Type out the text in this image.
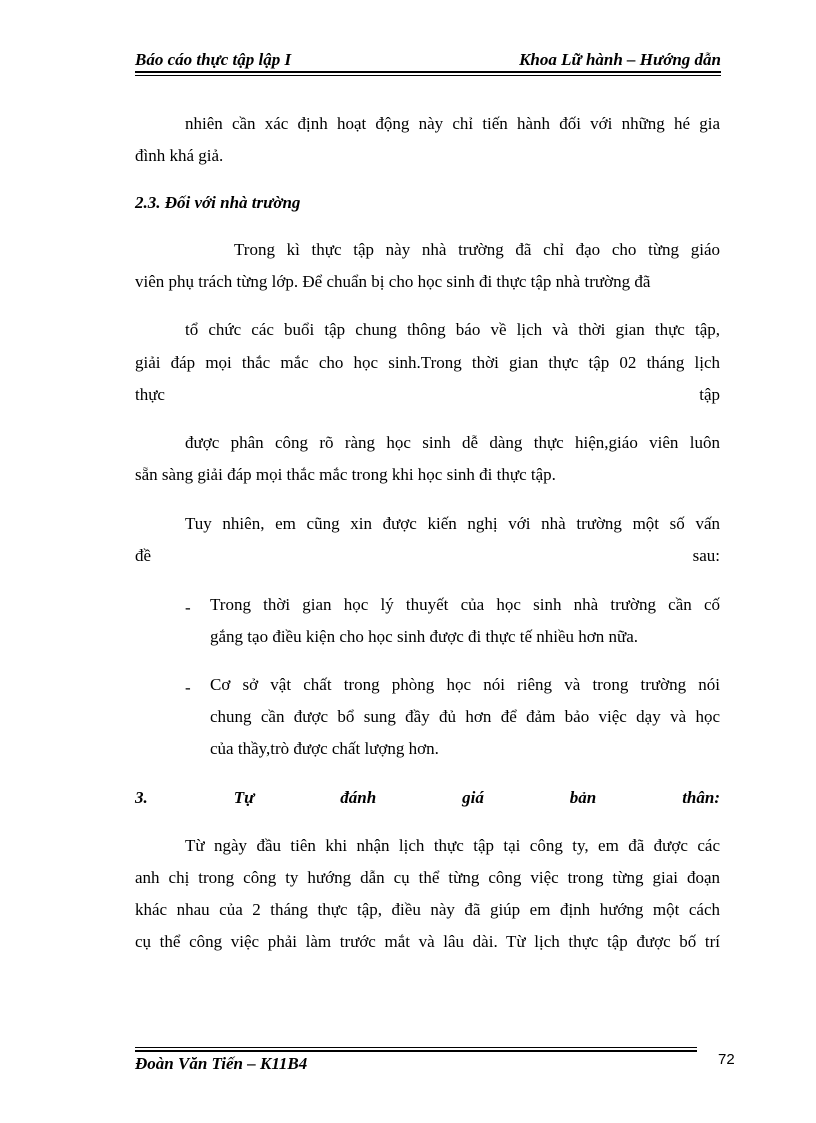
Báo cáo thực tập lập I	Khoa Lữ hành – Hướng dẫn
nhiên cần xác định hoạt động này chỉ tiến hành đối với những hé gia
đình khá giả.
2.3. Đối với nhà trường
Trong kì thực tập này nhà trường đã chỉ đạo cho từng giáo
viên phụ trách từng lớp. Để chuẩn bị cho học sinh đi thực tập nhà trường đã
tổ chức các buổi tập chung thông báo về lịch và thời gian thực tập,
giải đáp mọi thắc mắc cho học sinh.Trong thời gian thực tập 02 tháng lịch
thực tập
được phân công rõ ràng học sinh dễ dàng thực hiện,giáo viên luôn
sẵn sàng giải đáp mọi thắc mắc trong khi học sinh đi thực tập.
Tuy nhiên, em cũng xin được kiến nghị với nhà trường một số vấn
đề sau:
- Trong thời gian học lý thuyết của học sinh nhà trường cần cố
gắng tạo điều kiện cho học sinh được đi thực tế nhiều hơn nữa.
- Cơ sở vật chất trong phòng học nói riêng và trong trường nói
chung cần được bổ sung đầy đủ hơn để đảm bảo việc dạy và học
của thầy,trò được chất lượng hơn.
3. Tự đánh giá bản thân:
Từ ngày đầu tiên khi nhận lịch thực tập tại công ty, em đã được các
anh chị trong công ty hướng dẫn cụ thể từng công việc trong từng giai đoạn
khác nhau của 2 tháng thực tập, điều này đã giúp em định hướng một cách
cụ thể công việc phải làm trước mắt và lâu dài. Từ lịch thực tập được bố trí
Đoàn Văn Tiến – K11B4	72
